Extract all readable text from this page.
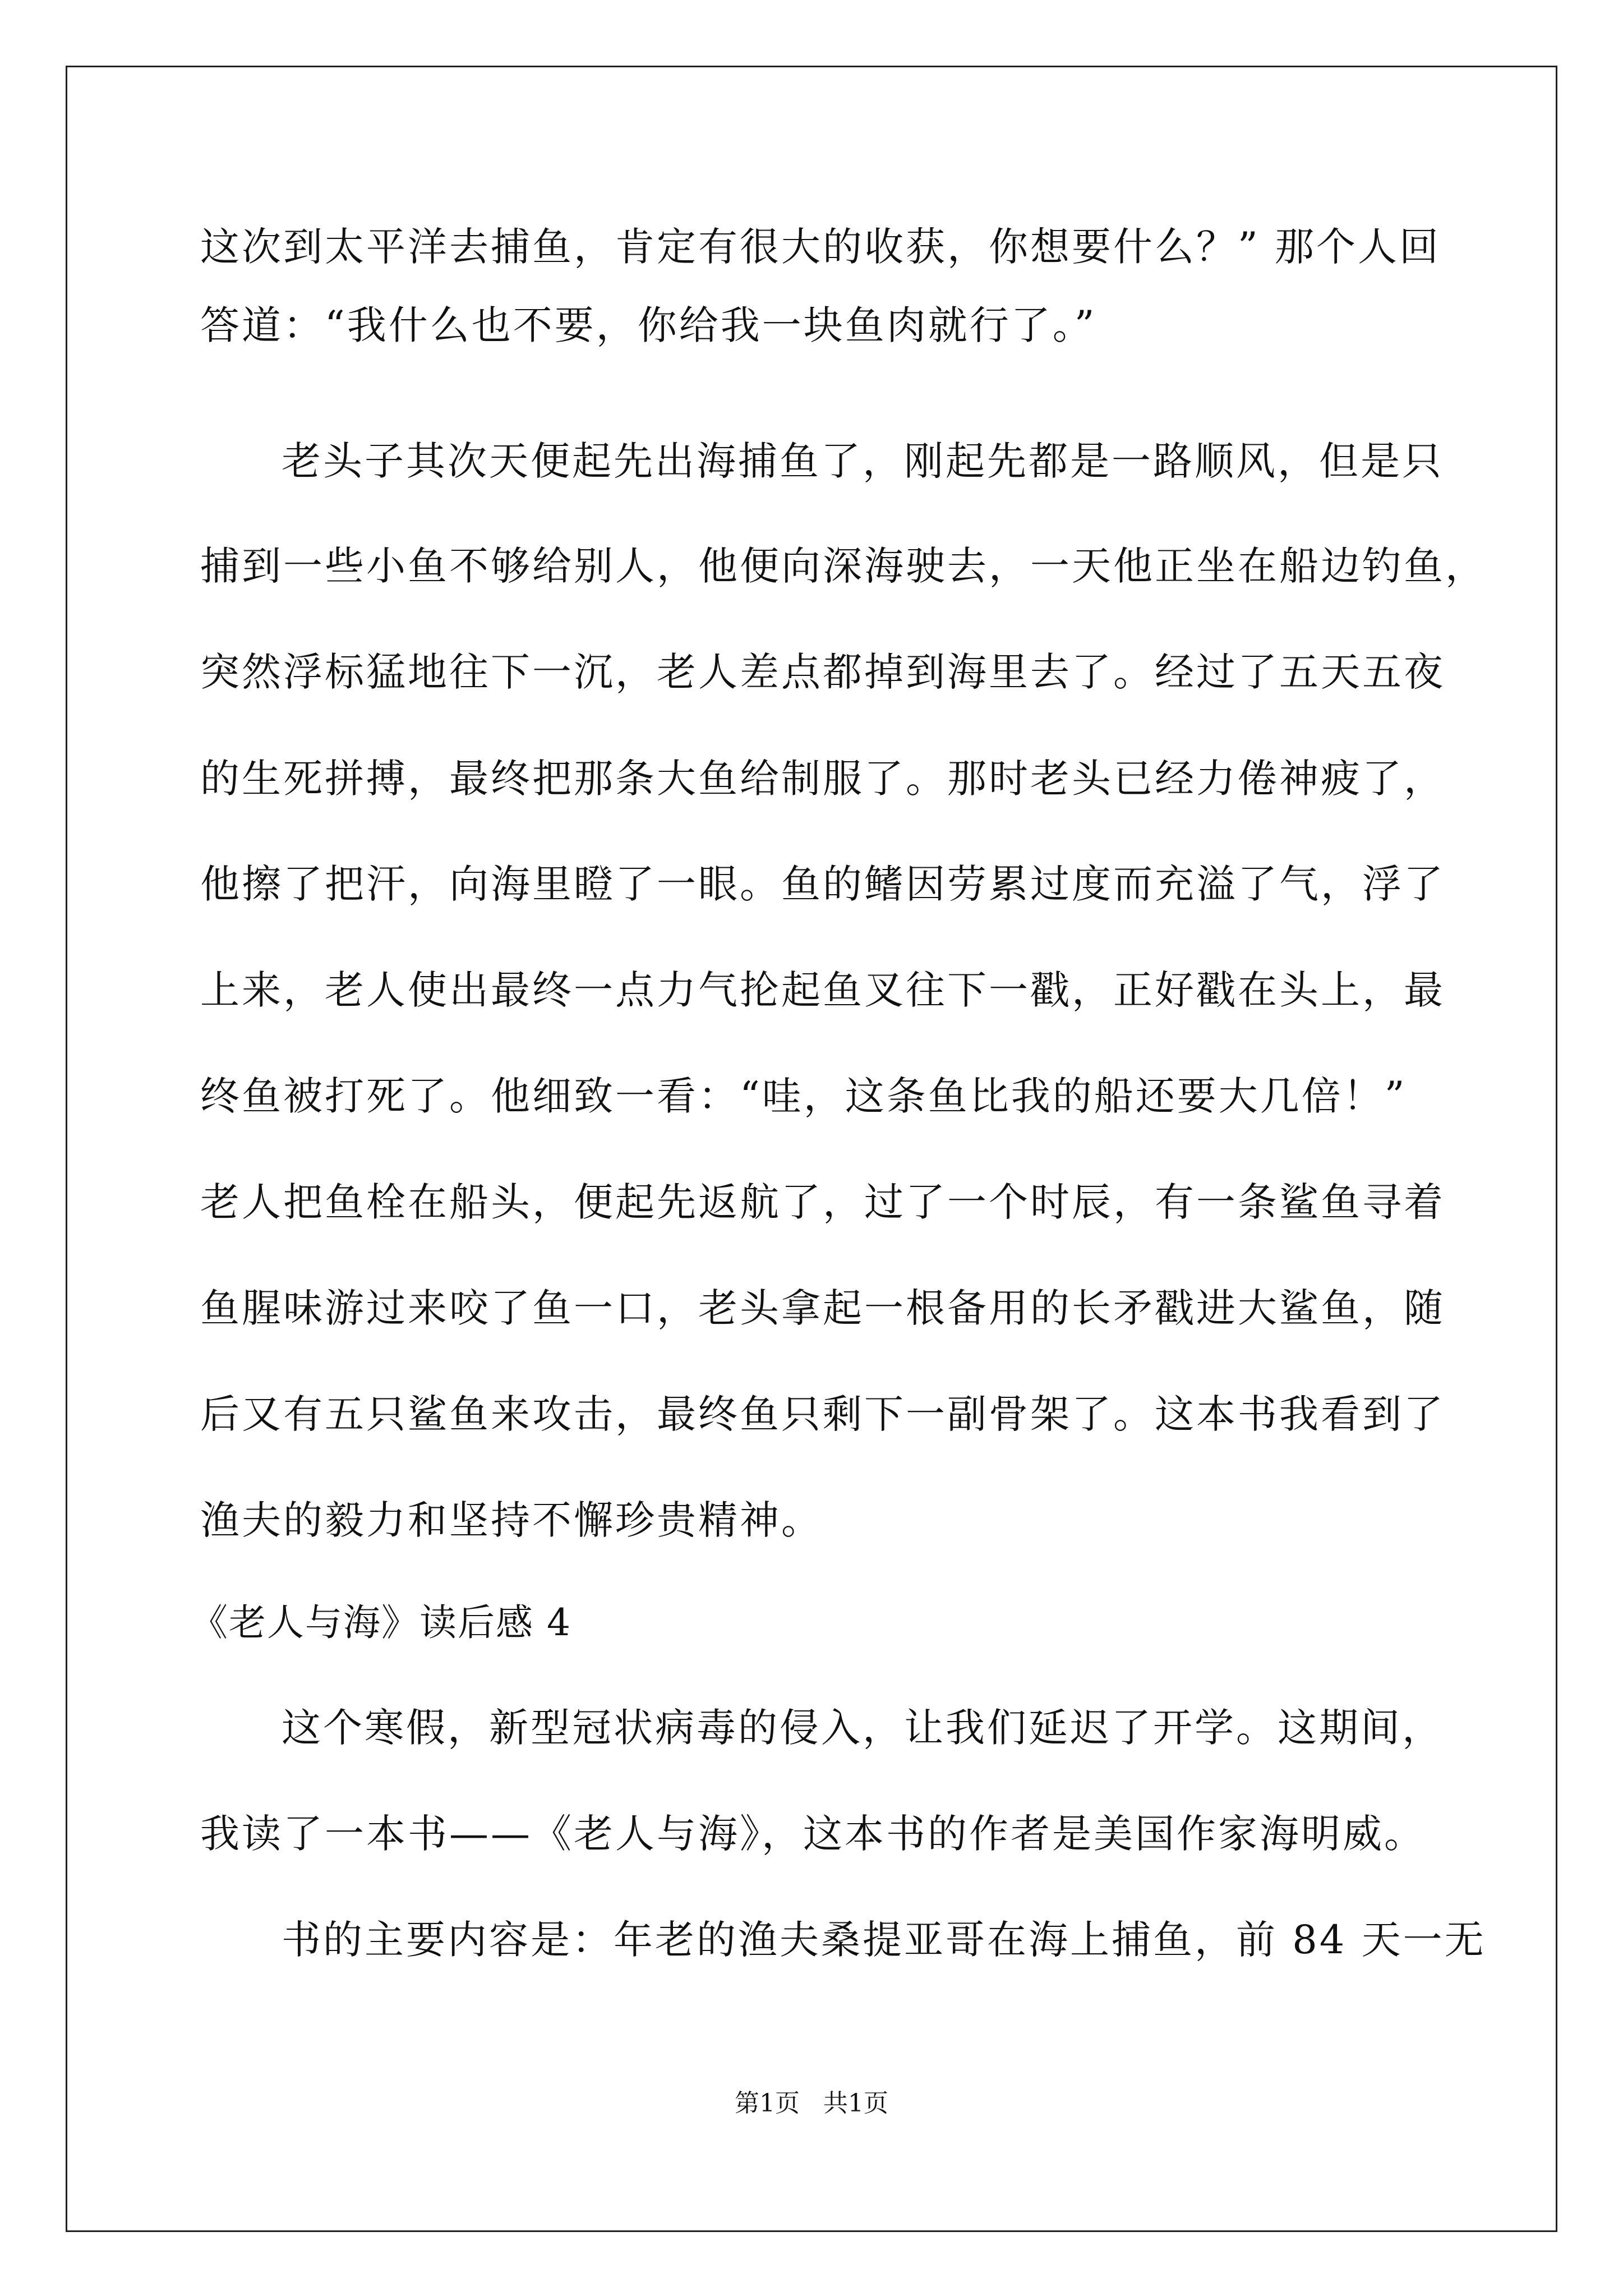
这次到太平洋去捕鱼，肯定有很大的收获，你想要什么？” 那个人回
答道：“我什么也不要，你给我一块鱼肉就行了。”
老头子其次天便起先出海捕鱼了，刚起先都是一路顺风，但是只
捕到一些小鱼不够给别人，他便向深海驶去，一天他正坐在船边钓鱼，
突然浮标猛地往下一沉，老人差点都掉到海里去了。经过了五天五夜
的生死拼搏，最终把那条大鱼给制服了。那时老头已经力倦神疲了，
他擦了把汗，向海里瞪了一眼。鱼的鳍因劳累过度而充溢了气，浮了
上来，老人使出最终一点力气抡起鱼叉往下一戳，正好戳在头上，最
终鱼被打死了。他细致一看：“哇，这条鱼比我的船还要大几倍！”
老人把鱼栓在船头，便起先返航了，过了一个时辰，有一条鲨鱼寻着
鱼腥味游过来咬了鱼一口，老头拿起一根备用的长矛戳进大鲨鱼，随
后又有五只鲨鱼来攻击，最终鱼只剩下一副骨架了。这本书我看到了
渔夫的毅力和坚持不懈珍贵精神。
《老人与海》读后感 4
这个寒假，新型冠状病毒的侵入，让我们延迟了开学。这期间，
我读了一本书——《老人与海》，这本书的作者是美国作家海明威。
书的主要内容是：年老的渔夫桑提亚哥在海上捕鱼，前 84 天一无
第1页   共1页
